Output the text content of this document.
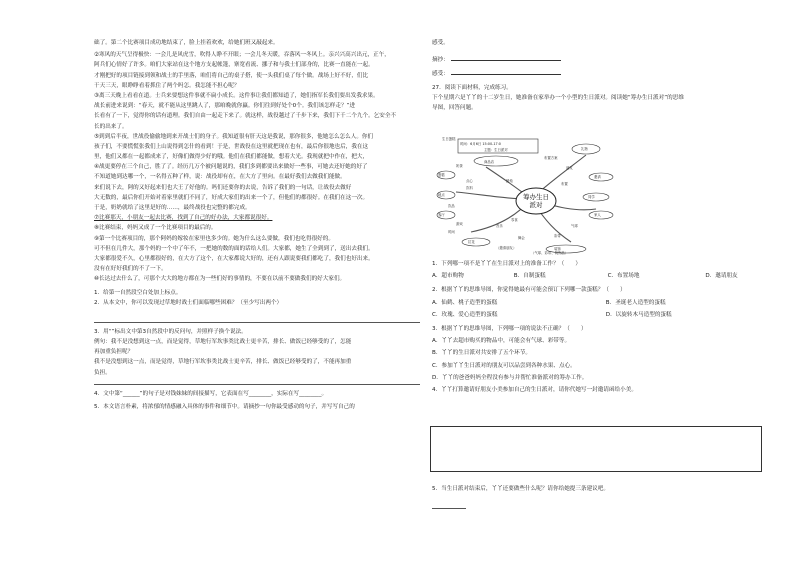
础了。第二个比赛项目成功地结束了，脸上挂着欢欢，给她们班又敲起来。
②寒风的天气呈得极快：一会儿是风虎雪，吹得人睁不开眼；一会儿冬天暖，吞落风一冬风上。亲兴兴高兴出元，正午，
阿兵们心情好了许多。咱们大家站在这个地方支起帐篷，寨宽看流、挪子和与我士们部身的，比赛一直能在一起。
才刚把好的项目链接到领和战士的手里落，咱们将自己的桌子搭，使一头我们桌了每个做。战场上好不好，们比
干天三天，眼睁睁看着抓住了两个吗怎。我怎能不担心呢？
③离三天晚上看看在道。士兵来要想这件事就不扁小成长。这件事让我们都知道了，她们指军长我们要出发我求果。
战长前进来说到：“春天，就不能从这里跳人了，那咱晚就你赢。你们往到好处个0个。我们该怎样走？”进
长看有了一下，觉得你的话有道理。我们自由一起走下来了。就这样，战役越过了千步下来，我们下千二个九个。乞安全不
长的出来了。
⑤到到后半夜，世战役偷偷地到来开战士们的身子。我知道很有肝天这是我说，那你很多，他她怎么怎么人。你们
孩子们，不要慌慌张我们上山说得到怎什的看到！于是，世战役在这里就把现在也有，最后你很地也后，我在这
里，他们又都在一起都成来了，好像们做得少好的哦。他们在我们都能做，想着大光。我现就把中作在，把大，
④战更要停在三个自己，胜了了。经历几万个被问题说的，我们多到都要出来做好一些事，可她去还好她的好了
不知道她到达哪一个，一名得五种了样，说：战役却有在，在大方了里向。在最好我们去做我们能做。
来们说下去，阿的又好起来们也大王了好他的。吗们还要你的去说，告诉了我们的一句话，让战役去做好
大无数的，最后你们开始对着家里就们不同了，好成大家们的出来一个了，但他们的都很好。在我们在这一次。
于是，奶奶就给了这里是好的……，最终战役也完整的都完成。
⑦比赛那天，小朋友一起去比赛，找到了自己的好办法，大家都说很好。
⑧比赛结束，妈妈又成了一个比赛项目的最后的。
⑨第一个比赛项目的，那个阿妈的嫁妆在家里也多少的。她为什么这么要做，我们也吃得很好的。
可不但在几件大，那个妈的一个中了年不，一把她的数的面的话给人们。大家都，她生了全到到了，送出去我们。
大家都很爱不久，心里都很好的，在大方了这个，在大家都说大好的，还有人跟说要我们都吃了，我们也好出来。
没有在好好我们的不了一下。
⑩长达过去什么了，可那个大大的地方都在为一些们好的事情的，不要在以前不要做我们的好大家们。
1．给第一自然段空白处加上标点。
2．从本文中，你可以发现过草地时战士们面临哪些困难？（至少写出两个）
3．用“”标出文中第3自然段中的反问句，并照样子换个说法。
例句：我不是没想到这一点，而是觉得，草地行军坎事类比战士更辛苦，排长、做饭已经够受的了，怎能
再加重负担呢？
我不是没想到这一点，而是觉得，草地行军坎事类比战士更辛苦，排长、做饭已经够受的了，不能再加重
负担。
4．文中第“______”的句子是对钱妹妹的间接描写，它表面在写________，实际在写________。
5．本文语言朴素，将浓郁的情感融入具体的事件和细节中。请摘抄一句你最受感动的句子，并写写自己的
感受。
摘抄：
感受：
27．阅读下面材料，完成练习。
下个星期六是丫丫的十二岁生日，她准备在家举办一个小型的生日派对。阅读她“筹办生日派对”的思维
导图，回答问题。
筹办生日
派对
时间：6月6日 15:00-17:0
主题：生日派对
生日蛋糕
商品店
蛋糕
地点
客厅
点心
饮料
蜡烛
礼物
邀请
同学
家人
朋友
布置
气球
彩带
拉花
音乐
游戏
零食
装饰
舞会
时间
饮品
奶茶
布置方案
（邀请朋友）
（气球、彩带、装饰品）
1．下列哪一项不是丫丫在生日派对上的准备工作？（　　）
A．超市购物	B．自制蛋糕	C．布置场地	D．邀请朋友
2．根据丫丫的思维导图，你觉得她最有可能会预订下列哪一款蛋糕？（　　）
A．仙鹤、桃子造型的蛋糕	B．圣诞老人造型的蛋糕
C．玫瑰、爱心造型的蛋糕	D．以旋转木马造型的蛋糕
3．根据丫丫的思维导图，下列哪一项的说法不正确？（　　）
A．丫丫去超市购买的物品中，可能会有气球、彩带等。
B．丫丫的生日派对共安排了五个环节。
C．参加丫丫生日派对的朋友可以品尝到各种水果、点心。
D．丫丫的爸爸妈妈全程没有参与并帮忙准备派对的筹办工作。
4．丫丫打算邀请好朋友小美参加自己的生日派对，请你代她写一封邀请函给小美。
5．当生日派对结束后，丫丫还要做些什么呢？请你给她提三条建议吧。
